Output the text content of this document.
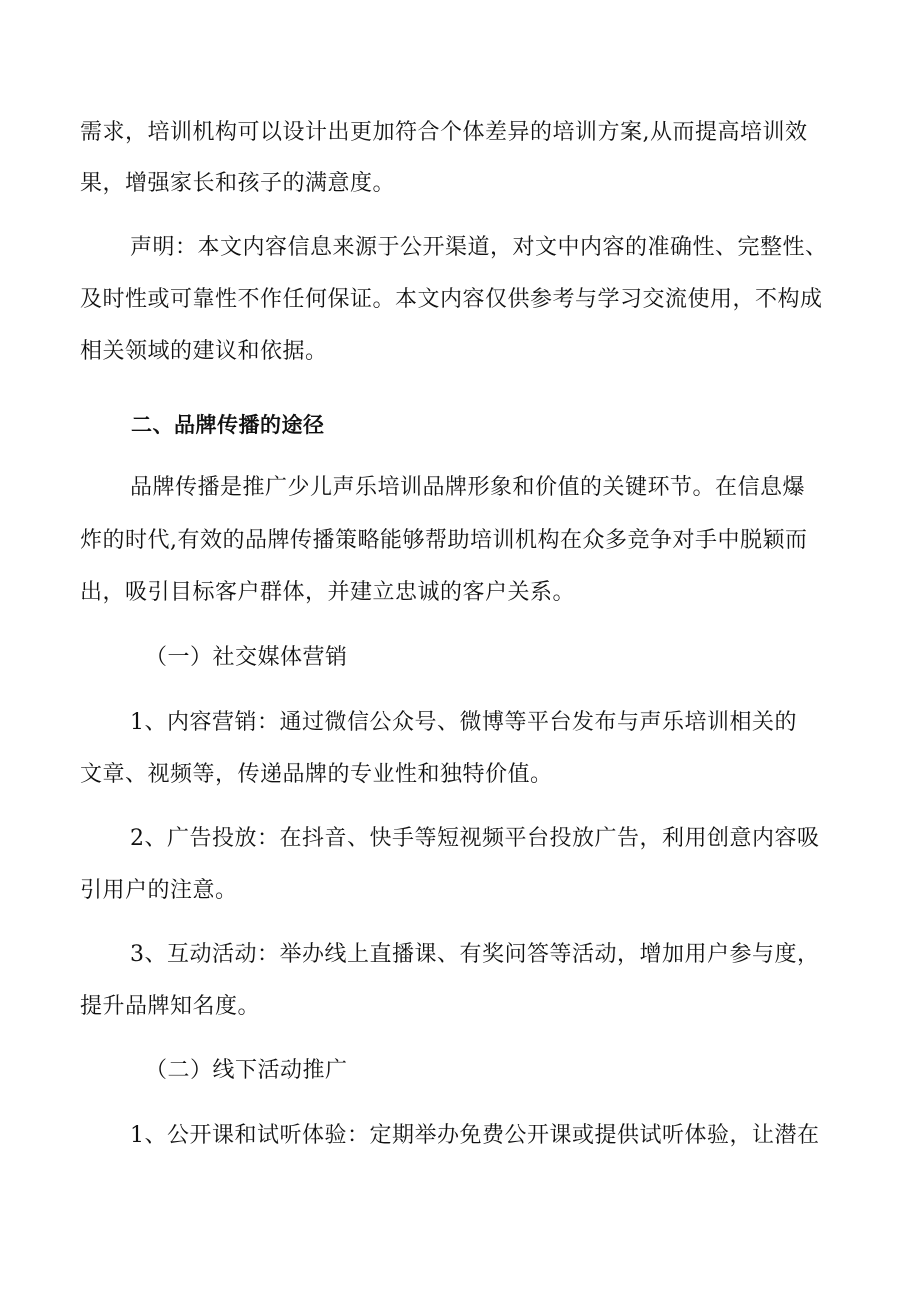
需求，培训机构可以设计出更加符合个体差异的培训方案,从而提高培训效
果，增强家长和孩子的满意度。
声明：本文内容信息来源于公开渠道，对文中内容的准确性、完整性、
及时性或可靠性不作任何保证。本文内容仅供参考与学习交流使用，不构成
相关领域的建议和依据。
二、品牌传播的途径
品牌传播是推广少儿声乐培训品牌形象和价值的关键环节。在信息爆
炸的时代,有效的品牌传播策略能够帮助培训机构在众多竞争对手中脱颖而
出，吸引目标客户群体，并建立忠诚的客户关系。
（一）社交媒体营销
1、内容营销：通过微信公众号、微博等平台发布与声乐培训相关的
文章、视频等，传递品牌的专业性和独特价值。
2、广告投放：在抖音、快手等短视频平台投放广告，利用创意内容吸
引用户的注意。
3、互动活动：举办线上直播课、有奖问答等活动，增加用户参与度，
提升品牌知名度。
（二）线下活动推广
1、公开课和试听体验：定期举办免费公开课或提供试听体验，让潜在
